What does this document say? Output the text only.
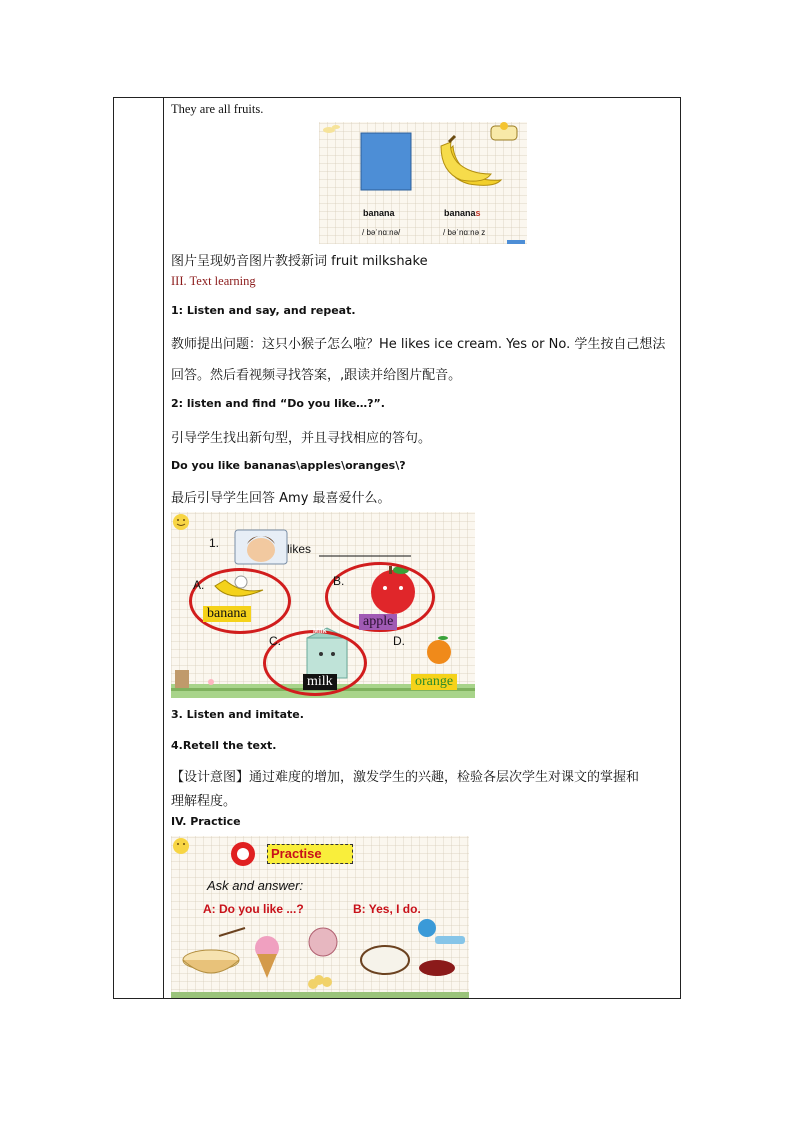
They are all fruits.
banana
/ bəˈnɑːnə/
bananas
/ bəˈnɑːnə z
图片呈现奶音图片教授新词 fruit milkshake
III. Text learning
1: Listen and say, and repeat.
教师提出问题：这只小猴子怎么啦？He likes ice cream. Yes or No. 学生按自己想法
回答。然后看视频寻找答案，,跟读并给图片配音。
2: listen and find “Do you like…?”.
引导学生找出新句型，并且寻找相应的答句。
Do you like bananas\apples\oranges\?
最后引导学生回答 Amy 最喜爱什么。
1.	likes
A.	B.
C.	D.
banana
apple
milk	orange
Milk
3. Listen and imitate.
4.Retell the text.
【设计意图】通过难度的增加，激发学生的兴趣，检验各层次学生对课文的掌握和
理解程度。
IV. Practice
Practise
Ask and answer:
A: Do you like ...?	B: Yes, I do.
